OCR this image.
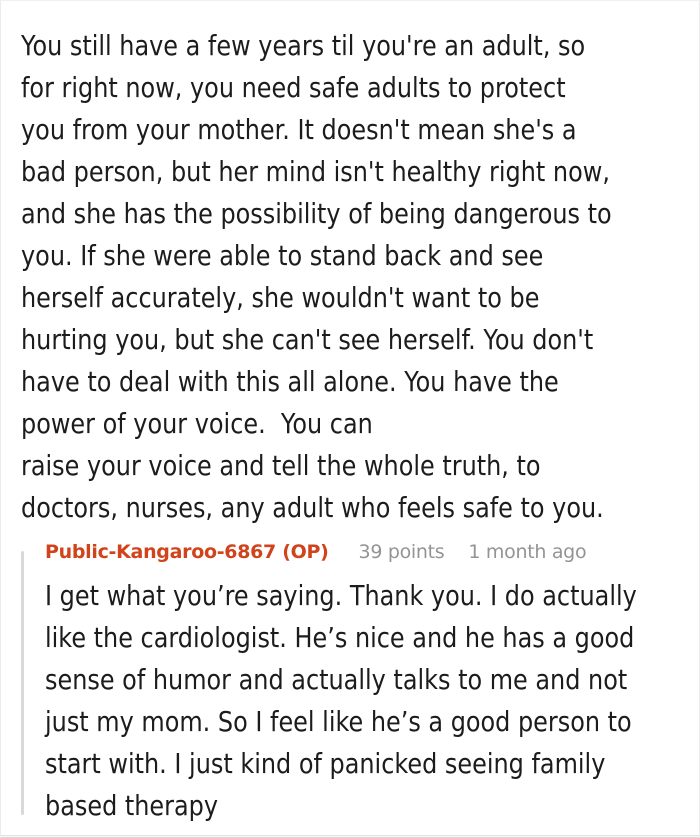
You still have a few years til you're an adult, so
for right now, you need safe adults to protect
you from your mother. It doesn't mean she's a
bad person, but her mind isn't healthy right now,
and she has the possibility of being dangerous to
you. If she were able to stand back and see
herself accurately, she wouldn't want to be
hurting you, but she can't see herself. You don't
have to deal with this all alone. You have the
power of your voice.  You can
raise your voice and tell the whole truth, to
doctors, nurses, any adult who feels safe to you.
Public-Kangaroo-6867 (OP) 39 points 1 month ago
I get what you’re saying. Thank you. I do actually
like the cardiologist. He’s nice and he has a good
sense of humor and actually talks to me and not
just my mom. So I feel like he’s a good person to
start with. I just kind of panicked seeing family
based therapy
